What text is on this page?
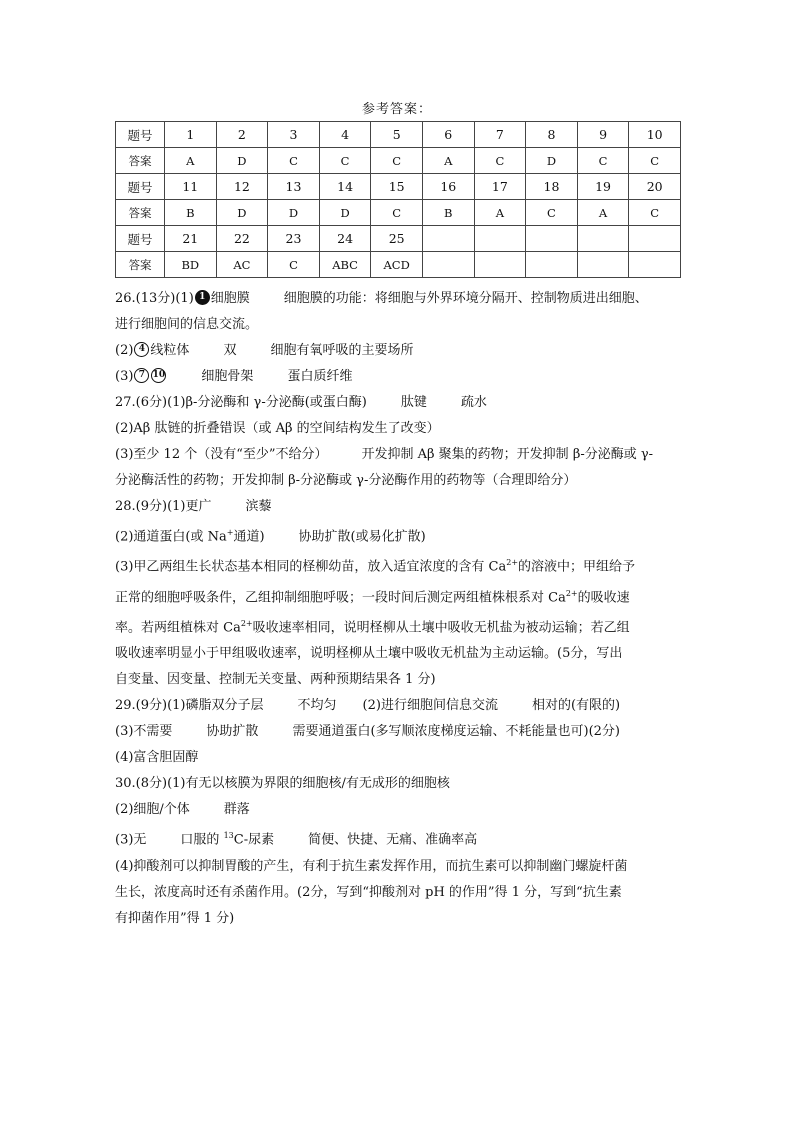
参考答案：
题号	1	2	3	4	5	6	7	8	9	10
答案	A	D	C	C	C	A	C	D	C	C
题号	11	12	13	14	15	16	17	18	19	20
答案	B	D	D	D	C	B	A	C	A	C
题号	21	22	23	24	25					
答案	BD	AC	C	ABC	ACD					
26.(13分)(1) 1 细胞膜	细胞膜的功能：将细胞与外界环境分隔开、控制物质进出细胞、
进行细胞间的信息交流。
(2) 4 线粒体	双	细胞有氧呼吸的主要场所
(3) 7 10	细胞骨架	蛋白质纤维
27.(6分)(1)β-分泌酶和 γ-分泌酶(或蛋白酶)	肽键	疏水
(2)Aβ 肽链的折叠错误（或 Aβ 的空间结构发生了改变）
(3)至少 12 个（没有“至少”不给分）	开发抑制 Aβ 聚集的药物；开发抑制 β-分泌酶或 γ-
分泌酶活性的药物；开发抑制 β-分泌酶或 γ-分泌酶作用的药物等（合理即给分）
28.(9分)(1)更广	滨藜
(2)通道蛋白(或 Na+通道)	协助扩散(或易化扩散)
(3)甲乙两组生长状态基本相同的柽柳幼苗，放入适宜浓度的含有 $Ca^{2+}$的溶液中；甲组给予
正常的细胞呼吸条件，乙组抑制细胞呼吸；一段时间后测定两组植株根系对 $Ca^{2+}$的吸收速
率。若两组植株对 $Ca^{2+}$吸收速率相同，说明柽柳从土壤中吸收无机盐为被动运输；若乙组
吸收速率明显小于甲组吸收速率，说明柽柳从土壤中吸收无机盐为主动运输。(5分，写出
自变量、因变量、控制无关变量、两种预期结果各 1 分)
29.(9分)(1)磷脂双分子层	不均匀 (2)进行细胞间信息交流	相对的(有限的)
(3)不需要	协助扩散	需要通道蛋白(多写顺浓度梯度运输、不耗能量也可)(2分)
(4)富含胆固醇
30.(8分)(1)有无以核膜为界限的细胞核/有无成形的细胞核
(2)细胞/个体	群落
(3)无	口服的 $^{13}$C-尿素	简便、快捷、无痛、准确率高
(4)抑酸剂可以抑制胃酸的产生，有利于抗生素发挥作用，而抗生素可以抑制幽门螺旋杆菌
生长，浓度高时还有杀菌作用。(2分，写到“抑酸剂对 pH 的作用”得 1 分，写到“抗生素
有抑菌作用”得 1 分)
